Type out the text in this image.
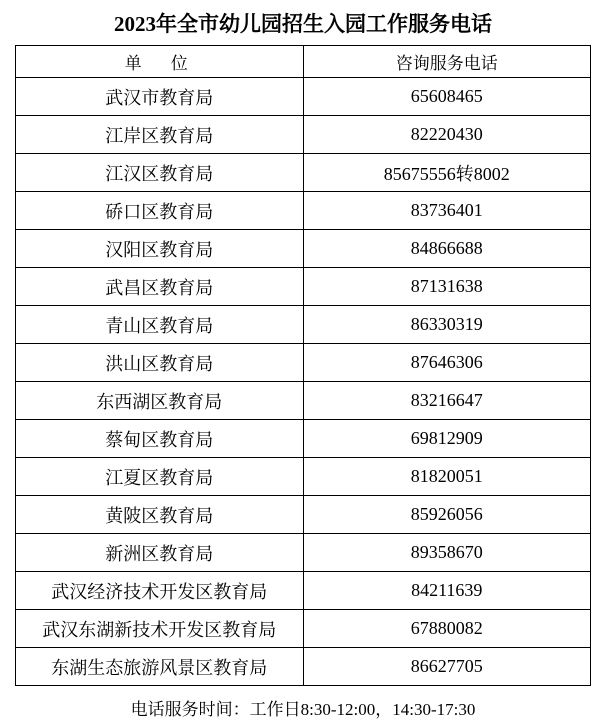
2023年全市幼儿园招生入园工作服务电话
单　位	咨询服务电话
武汉市教育局	65608465
江岸区教育局	82220430
江汉区教育局	85675556转8002
硚口区教育局	83736401
汉阳区教育局	84866688
武昌区教育局	87131638
青山区教育局	86330319
洪山区教育局	87646306
东西湖区教育局	83216647
蔡甸区教育局	69812909
江夏区教育局	81820051
黄陂区教育局	85926056
新洲区教育局	89358670
武汉经济技术开发区教育局	84211639
武汉东湖新技术开发区教育局	67880082
东湖生态旅游风景区教育局	86627705
电话服务时间：工作日8:30-12:00，14:30-17:30
